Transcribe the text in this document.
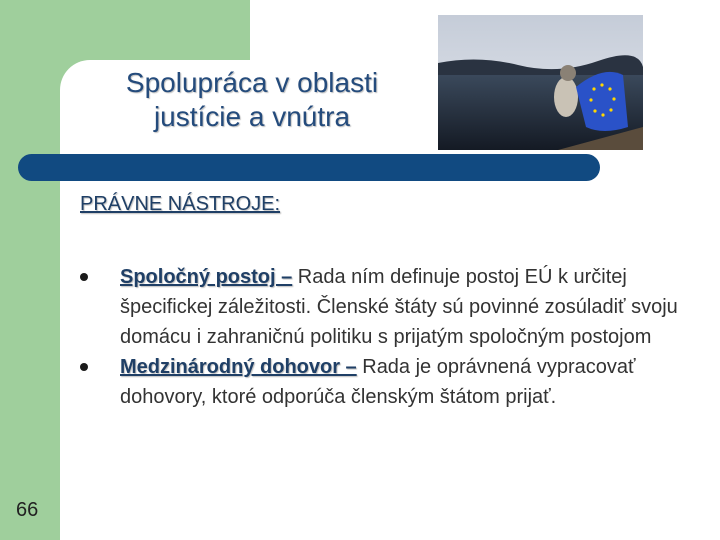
Spolupráca v oblasti
justície a vnútra
PRÁVNE NÁSTROJE:
Spoločný postoj – Rada ním definuje postoj EÚ k určitej špecifickej záležitosti. Členské štáty sú povinné zosúladiť svoju domácu i zahraničnú politiku s prijatým spoločným postojom
Medzinárodný dohovor – Rada je oprávnená vypracovať dohovory, ktoré odporúča členským štátom prijať.
66
